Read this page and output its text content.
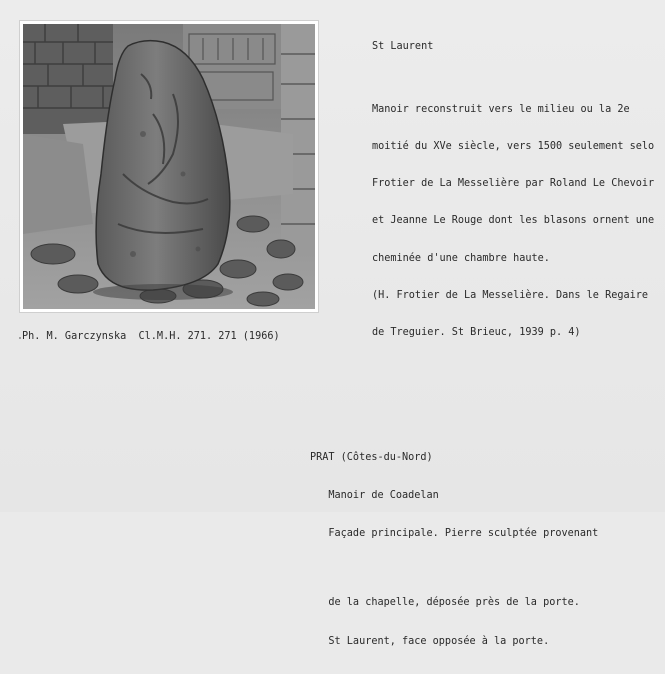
St Laurent

Manoir reconstruit vers le milieu ou la 2e

moitié du XVe siècle, vers 1500 seulement selo

Frotier de La Messelière par Roland Le Chevoir

et Jeanne Le Rouge dont les blasons ornent une

cheminée d'une chambre haute.

(H. Frotier de La Messelière. Dans le Regaire

de Treguier. St Brieuc, 1939 p. 4)

Ph. M. Garczynska  Cl.M.H. 271. 271 (1966)

PRAT (Côtes-du-Nord)

Manoir de Coadelan

Façade principale. Pierre sculptée provenant

de la chapelle, déposée près de la porte.

St Laurent, face opposée à la porte.
